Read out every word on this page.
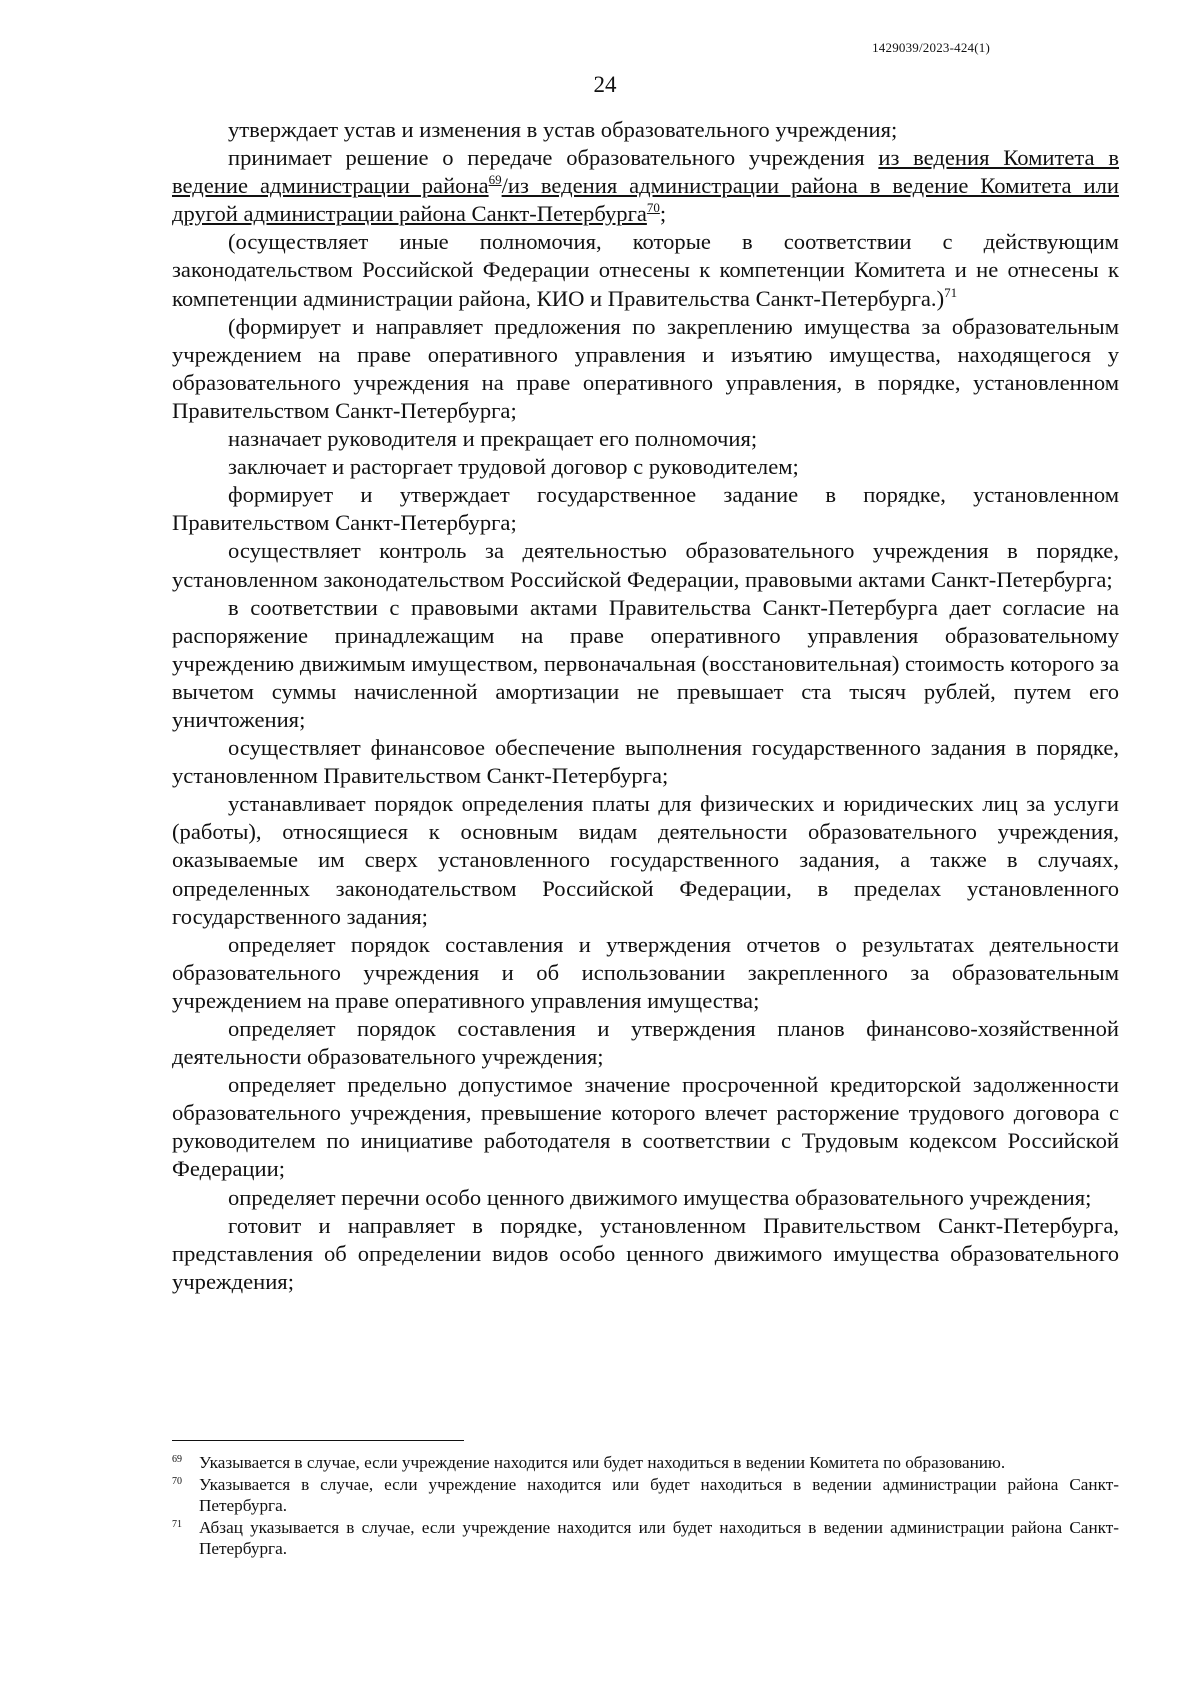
1429039/2023-424(1)
24

утверждает устав и изменения в устав образовательного учреждения;

принимает решение о передаче образовательного учреждения из ведения Комитета в ведение администрации района$^{69}$/из ведения администрации района в ведение Комитета или другой администрации района Санкт-Петербурга$^{70}$;

(осуществляет иные полномочия, которые в соответствии с действующим законодательством Российской Федерации отнесены к компетенции Комитета и не отнесены к компетенции администрации района, КИО и Правительства Санкт-Петербурга.)$^{71}$

(формирует и направляет предложения по закреплению имущества за образовательным учреждением на праве оперативного управления и изъятию имущества, находящегося у образовательного учреждения на праве оперативного управления, в порядке, установленном Правительством Санкт-Петербурга;

назначает руководителя и прекращает его полномочия;

заключает и расторгает трудовой договор с руководителем;

формирует и утверждает государственное задание в порядке, установленном Правительством Санкт-Петербурга;

осуществляет контроль за деятельностью образовательного учреждения в порядке, установленном законодательством Российской Федерации, правовыми актами Санкт-Петербурга;

в соответствии с правовыми актами Правительства Санкт-Петербурга дает согласие на распоряжение принадлежащим на праве оперативного управления образовательному учреждению движимым имуществом, первоначальная (восстановительная) стоимость которого за вычетом суммы начисленной амортизации не превышает ста тысяч рублей, путем его уничтожения;

осуществляет финансовое обеспечение выполнения государственного задания в порядке, установленном Правительством Санкт-Петербурга;

устанавливает порядок определения платы для физических и юридических лиц за услуги (работы), относящиеся к основным видам деятельности образовательного учреждения, оказываемые им сверх установленного государственного задания, а также в случаях, определенных законодательством Российской Федерации, в пределах установленного государственного задания;

определяет порядок составления и утверждения отчетов о результатах деятельности образовательного учреждения и об использовании закрепленного за образовательным учреждением на праве оперативного управления имущества;

определяет порядок составления и утверждения планов финансово-хозяйственной деятельности образовательного учреждения;

определяет предельно допустимое значение просроченной кредиторской задолженности образовательного учреждения, превышение которого влечет расторжение трудового договора с руководителем по инициативе работодателя в соответствии с Трудовым кодексом Российской Федерации;

определяет перечни особо ценного движимого имущества образовательного учреждения;

готовит и направляет в порядке, установленном Правительством Санкт-Петербурга, представления об определении видов особо ценного движимого имущества образовательного учреждения;

69 Указывается в случае, если учреждение находится или будет находиться в ведении Комитета по образованию.
70 Указывается в случае, если учреждение находится или будет находиться в ведении администрации района Санкт-Петербурга.
71 Абзац указывается в случае, если учреждение находится или будет находиться в ведении администрации района Санкт-Петербурга.
